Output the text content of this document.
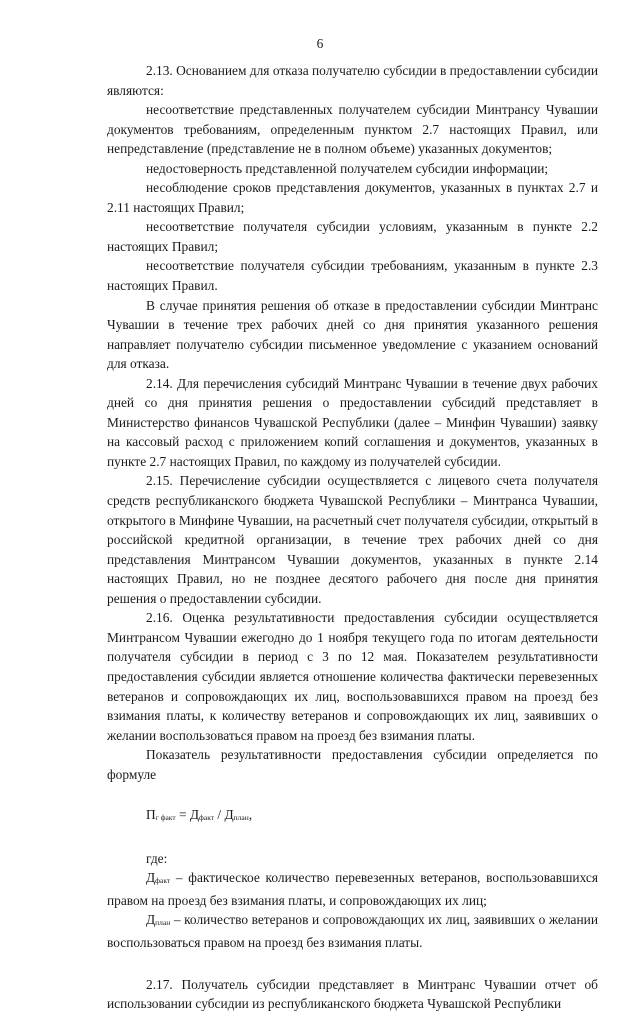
6

2.13. Основанием для отказа получателю субсидии в предоставлении субсидии являются:

несоответствие представленных получателем субсидии Минтрансу Чувашии документов требованиям, определенным пунктом 2.7 настоящих Правил, или непредставление (представление не в полном объеме) указанных документов;

недостоверность представленной получателем субсидии информации;

несоблюдение сроков представления документов, указанных в пунктах 2.7 и 2.11 настоящих Правил;

несоответствие получателя субсидии условиям, указанным в пункте 2.2 настоящих Правил;

несоответствие получателя субсидии требованиям, указанным в пункте 2.3 настоящих Правил.

В случае принятия решения об отказе в предоставлении субсидии Минтранс Чувашии в течение трех рабочих дней со дня принятия указанного решения направляет получателю субсидии письменное уведомление с указанием оснований для отказа.

2.14. Для перечисления субсидий Минтранс Чувашии в течение двух рабочих дней со дня принятия решения о предоставлении субсидий представляет в Министерство финансов Чувашской Республики (далее – Минфин Чувашии) заявку на кассовый расход с приложением копий соглашения и документов, указанных в пункте 2.7 настоящих Правил, по каждому из получателей субсидии.

2.15. Перечисление субсидии осуществляется с лицевого счета получателя средств республиканского бюджета Чувашской Республики – Минтранса Чувашии, открытого в Минфине Чувашии, на расчетный счет получателя субсидии, открытый в российской кредитной организации, в течение трех рабочих дней со дня представления Минтрансом Чувашии документов, указанных в пункте 2.14 настоящих Правил, но не позднее десятого рабочего дня после дня принятия решения о предоставлении субсидии.

2.16. Оценка результативности предоставления субсидии осуществляется Минтрансом Чувашии ежегодно до 1 ноября текущего года по итогам деятельности получателя субсидии в период с 3 по 12 мая. Показателем результативности предоставления субсидии является отношение количества фактически перевезенных ветеранов и сопровождающих их лиц, воспользовавшихся правом на проезд без взимания платы, к количеству ветеранов и сопровождающих их лиц, заявивших о желании воспользоваться правом на проезд без взимания платы.

Показатель результативности предоставления субсидии определяется по формуле

$П_{г факт} = Д_{факт} / Д_{план}$,

где:

$Д_{факт}$ – фактическое количество перевезенных ветеранов, воспользовавшихся правом на проезд без взимания платы, и сопровождающих их лиц;

$Д_{план}$ – количество ветеранов и сопровождающих их лиц, заявивших о желании воспользоваться правом на проезд без взимания платы.

2.17. Получатель субсидии представляет в Минтранс Чувашии отчет об использовании субсидии из республиканского бюджета Чувашской Республики
